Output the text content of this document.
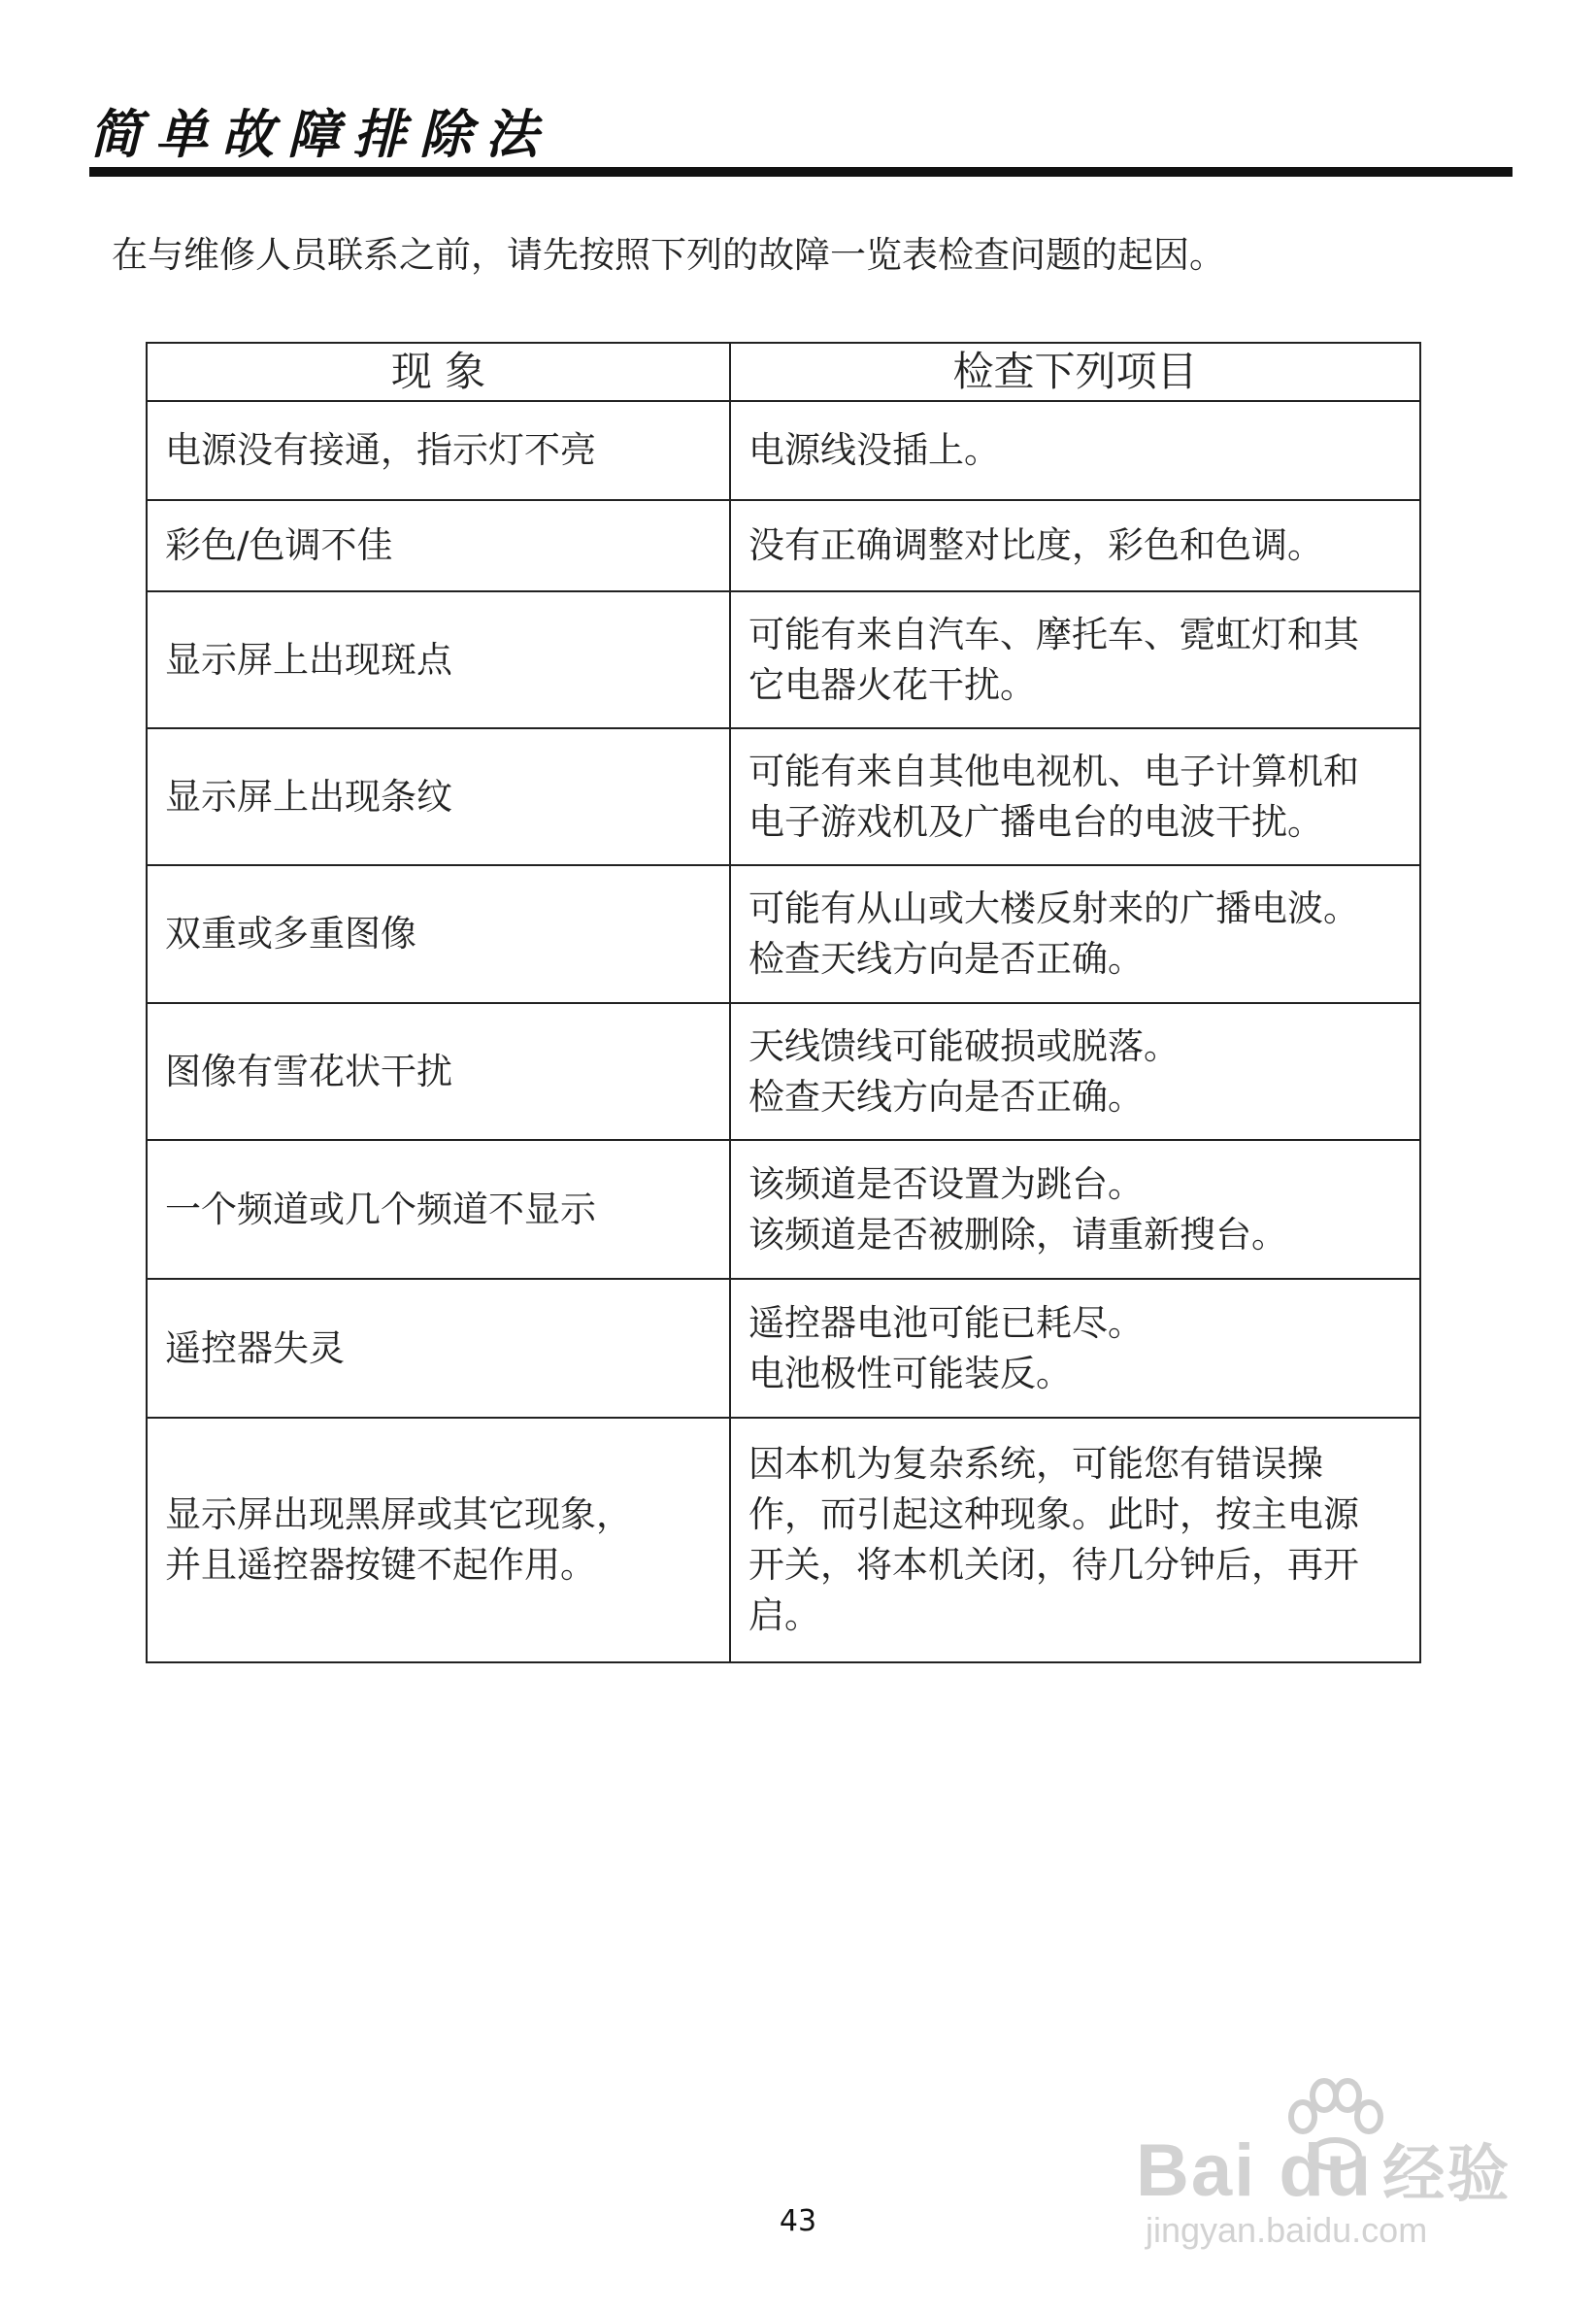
简单故障排除法
在与维修人员联系之前，请先按照下列的故障一览表检查问题的起因。
现 象	检查下列项目
电源没有接通，指示灯不亮	电源线没插上。
彩色/色调不佳	没有正确调整对比度，彩色和色调。
显示屏上出现斑点	可能有来自汽车、摩托车、霓虹灯和其
它电器火花干扰。
显示屏上出现条纹	可能有来自其他电视机、电子计算机和
电子游戏机及广播电台的电波干扰。
双重或多重图像	可能有从山或大楼反射来的广播电波。
检查天线方向是否正确。
图像有雪花状干扰	天线馈线可能破损或脱落。
检查天线方向是否正确。
一个频道或几个频道不显示	该频道是否设置为跳台。
该频道是否被删除，请重新搜台。
遥控器失灵	遥控器电池可能已耗尽。
电池极性可能装反。
显示屏出现黑屏或其它现象，
并且遥控器按键不起作用。	因本机为复杂系统，可能您有错误操
作，而引起这种现象。此时，按主电源
开关，将本机关闭，待几分钟后，再开
启。
Bai du 经验
jingyan.baidu.com
43
